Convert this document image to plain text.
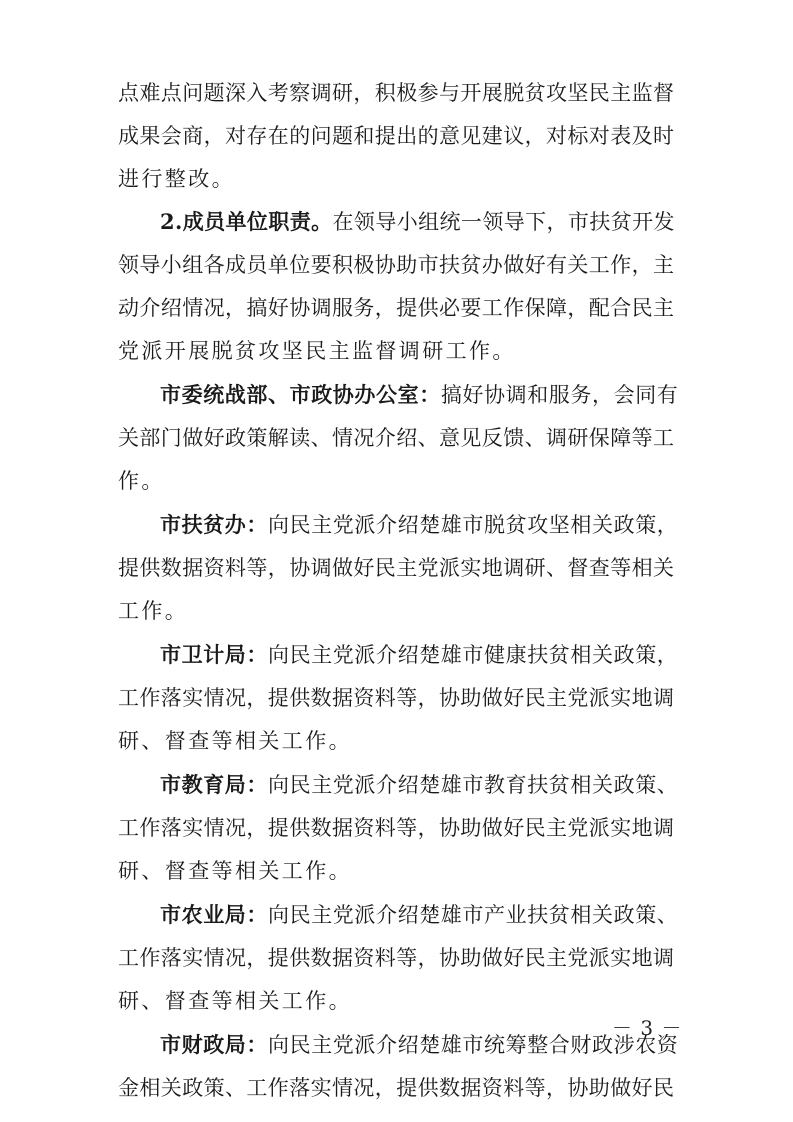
点难点问题深入考察调研，积极参与开展脱贫攻坚民主监督
成果会商，对存在的问题和提出的意见建议，对标对表及时
进行整改。
2.成员单位职责。在领导小组统一领导下，市扶贫开发
领导小组各成员单位要积极协助市扶贫办做好有关工作，主
动介绍情况，搞好协调服务，提供必要工作保障，配合民主
党派开展脱贫攻坚民主监督调研工作。
市委统战部、市政协办公室：搞好协调和服务，会同有
关部门做好政策解读、情况介绍、意见反馈、调研保障等工
作。
市扶贫办：向民主党派介绍楚雄市脱贫攻坚相关政策，
提供数据资料等，协调做好民主党派实地调研、督查等相关
工作。
市卫计局：向民主党派介绍楚雄市健康扶贫相关政策，
工作落实情况，提供数据资料等，协助做好民主党派实地调
研、督查等相关工作。
市教育局：向民主党派介绍楚雄市教育扶贫相关政策、
工作落实情况，提供数据资料等，协助做好民主党派实地调
研、督查等相关工作。
市农业局：向民主党派介绍楚雄市产业扶贫相关政策、
工作落实情况，提供数据资料等，协助做好民主党派实地调
研、督查等相关工作。
市财政局：向民主党派介绍楚雄市统筹整合财政涉农资
金相关政策、工作落实情况，提供数据资料等，协助做好民
－ 3 －
